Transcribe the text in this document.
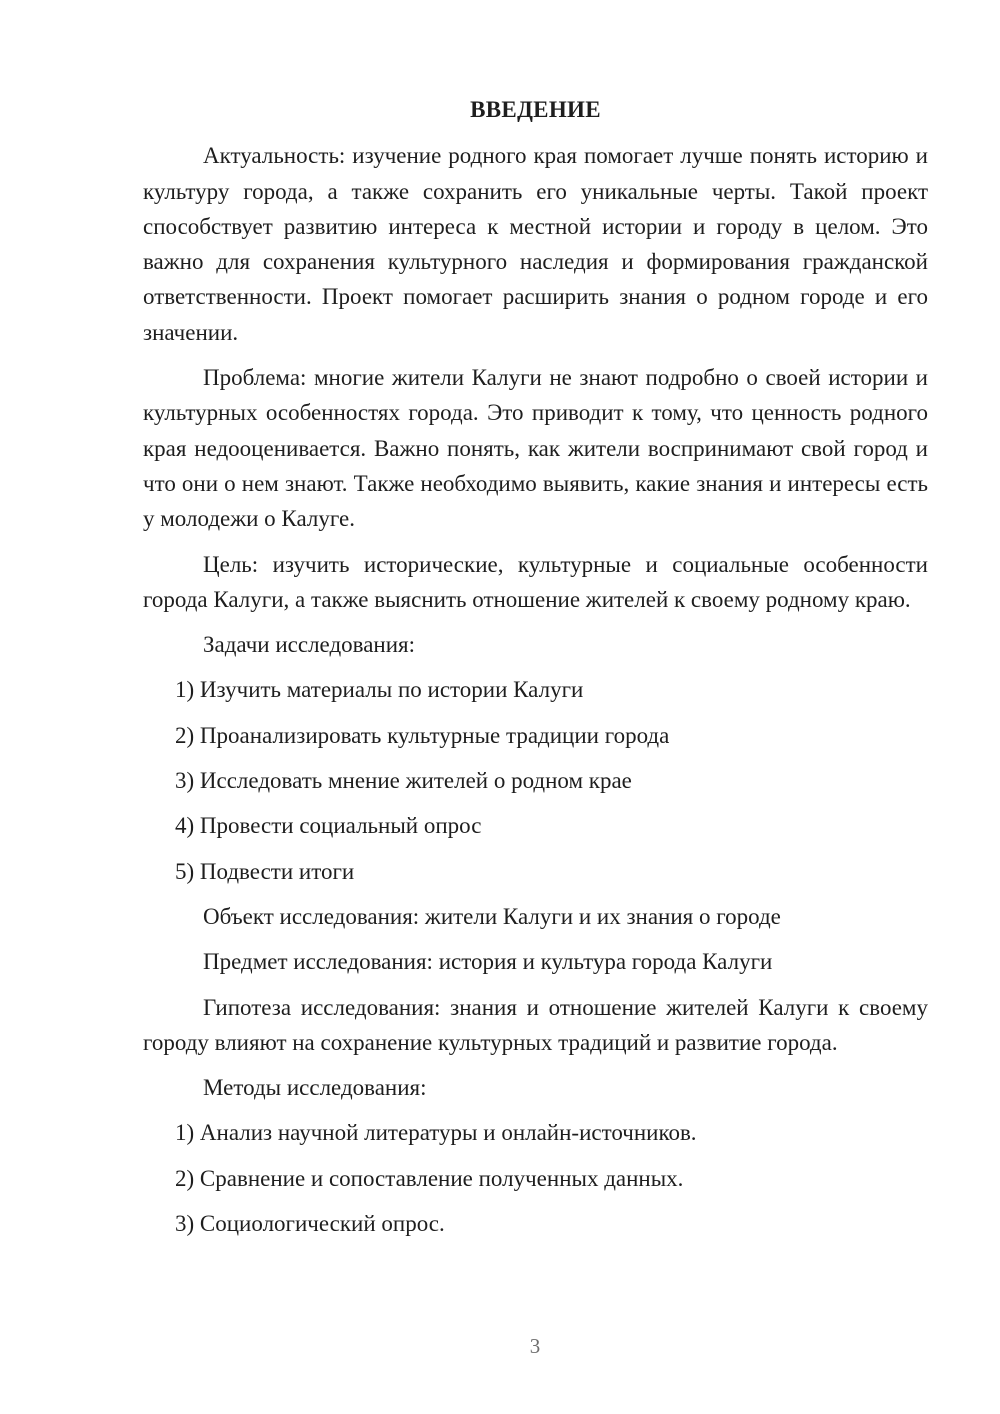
ВВЕДЕНИЕ

Актуальность: изучение родного края помогает лучше понять историю и культуру города, а также сохранить его уникальные черты. Такой проект способствует развитию интереса к местной истории и городу в целом. Это важно для сохранения культурного наследия и формирования гражданской ответственности. Проект помогает расширить знания о родном городе и его значении.

Проблема: многие жители Калуги не знают подробно о своей истории и культурных особенностях города. Это приводит к тому, что ценность родного края недооценивается. Важно понять, как жители воспринимают свой город и что они о нем знают. Также необходимо выявить, какие знания и интересы есть у молодежи о Калуге.

Цель: изучить исторические, культурные и социальные особенности города Калуги, а также выяснить отношение жителей к своему родному краю.

Задачи исследования:

1) Изучить материалы по истории Калуги
2) Проанализировать культурные традиции города
3) Исследовать мнение жителей о родном крае
4) Провести социальный опрос
5) Подвести итоги

Объект исследования: жители Калуги и их знания о городе

Предмет исследования: история и культура города Калуги

Гипотеза исследования: знания и отношение жителей Калуги к своему городу влияют на сохранение культурных традиций и развитие города.

Методы исследования:

1) Анализ научной литературы и онлайн-источников.
2) Сравнение и сопоставление полученных данных.
3) Социологический опрос.
3
